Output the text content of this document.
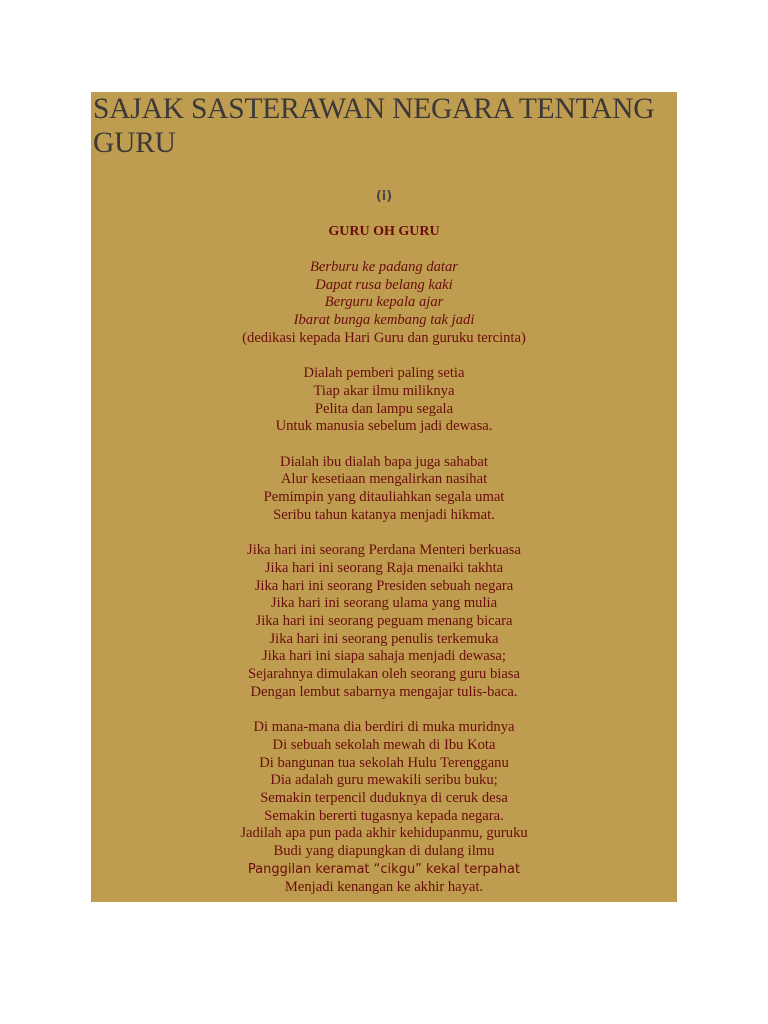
SAJAK SASTERAWAN NEGARA TENTANG GURU
(i)
GURU OH GURU
Berburu ke padang datar
Dapat rusa belang kaki
Berguru kepala ajar
Ibarat bunga kembang tak jadi
(dedikasi kepada Hari Guru dan guruku tercinta)
Dialah pemberi paling setia
Tiap akar ilmu miliknya
Pelita dan lampu segala
Untuk manusia sebelum jadi dewasa.
Dialah ibu dialah bapa juga sahabat
Alur kesetiaan mengalirkan nasihat
Pemimpin yang ditauliahkan segala umat
Seribu tahun katanya menjadi hikmat.
Jika hari ini seorang Perdana Menteri berkuasa
Jika hari ini seorang Raja menaiki takhta
Jika hari ini seorang Presiden sebuah negara
Jika hari ini seorang ulama yang mulia
Jika hari ini seorang peguam menang bicara
Jika hari ini seorang penulis terkemuka
Jika hari ini siapa sahaja menjadi dewasa;
Sejarahnya dimulakan oleh seorang guru biasa
Dengan lembut sabarnya mengajar tulis-baca.
Di mana-mana dia berdiri di muka muridnya
Di sebuah sekolah mewah di Ibu Kota
Di bangunan tua sekolah Hulu Terengganu
Dia adalah guru mewakili seribu buku;
Semakin terpencil duduknya di ceruk desa
Semakin bererti tugasnya kepada negara.
Jadilah apa pun pada akhir kehidupanmu, guruku
Budi yang diapungkan di dulang ilmu
Panggilan keramat “cikgu” kekal terpahat
Menjadi kenangan ke akhir hayat.
